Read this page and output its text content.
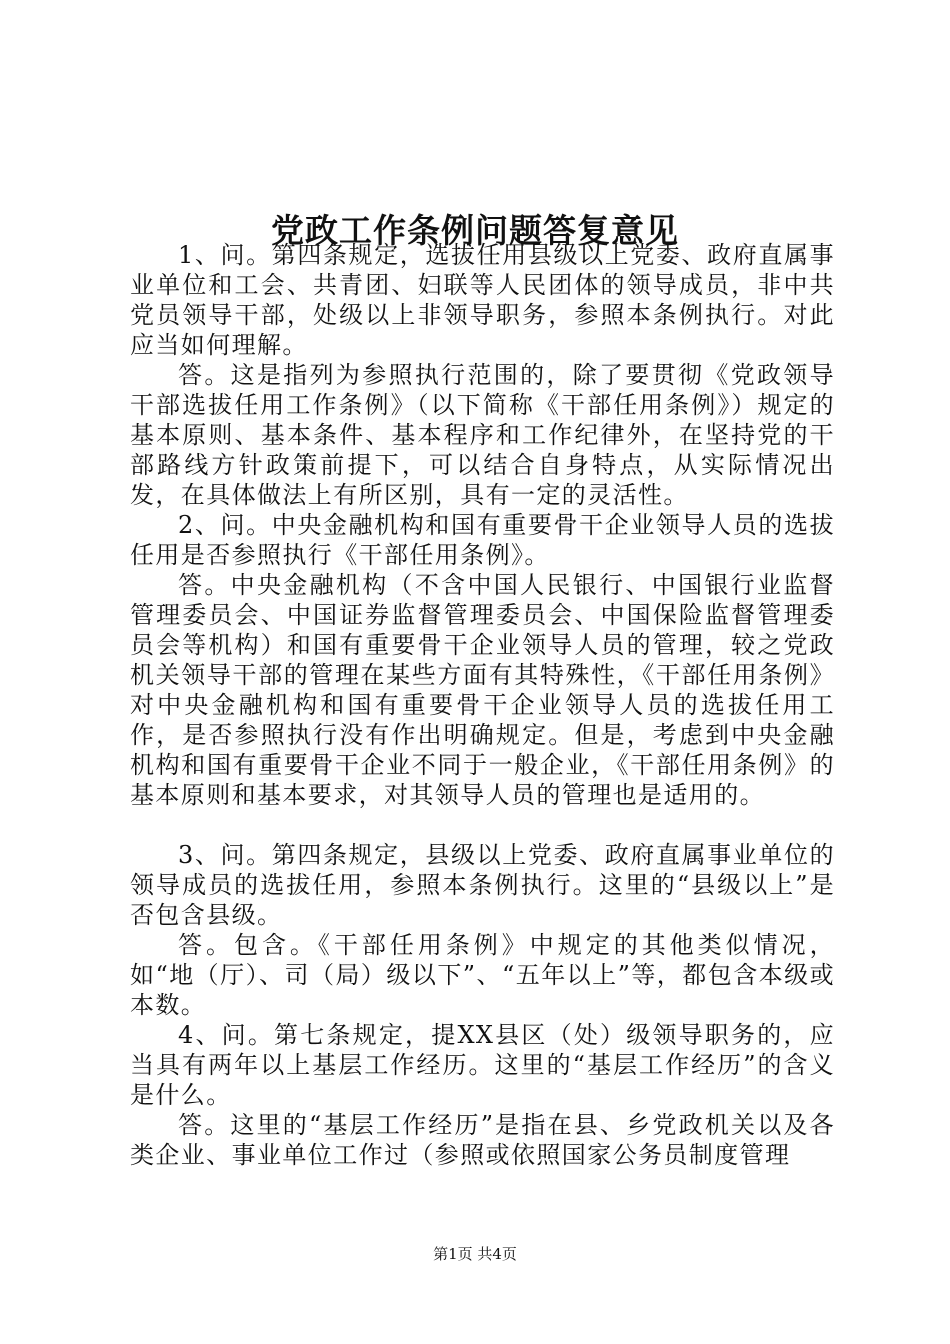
党政工作条例问题答复意见

1、问。第四条规定，选拔任用县级以上党委、政府直属事业单位和工会、共青团、妇联等人民团体的领导成员，非中共党员领导干部，处级以上非领导职务，参照本条例执行。对此应当如何理解。

答。这是指列为参照执行范围的，除了要贯彻《党政领导干部选拔任用工作条例》（以下简称《干部任用条例》）规定的基本原则、基本条件、基本程序和工作纪律外，在坚持党的干部路线方针政策前提下，可以结合自身特点，从实际情况出发，在具体做法上有所区别，具有一定的灵活性。

2、问。中央金融机构和国有重要骨干企业领导人员的选拔任用是否参照执行《干部任用条例》。

答。中央金融机构（不含中国人民银行、中国银行业监督管理委员会、中国证券监督管理委员会、中国保险监督管理委员会等机构）和国有重要骨干企业领导人员的管理，较之党政机关领导干部的管理在某些方面有其特殊性，《干部任用条例》对中央金融机构和国有重要骨干企业领导人员的选拔任用工作，是否参照执行没有作出明确规定。但是，考虑到中央金融机构和国有重要骨干企业不同于一般企业，《干部任用条例》的基本原则和基本要求，对其领导人员的管理也是适用的。

3、问。第四条规定，县级以上党委、政府直属事业单位的领导成员的选拔任用，参照本条例执行。这里的“县级以上”是否包含县级。

答。包含。《干部任用条例》中规定的其他类似情况，如“地（厅）、司（局）级以下”、“五年以上”等，都包含本级或本数。

4、问。第七条规定，提XX县区（处）级领导职务的，应当具有两年以上基层工作经历。这里的“基层工作经历”的含义是什么。

答。这里的“基层工作经历”是指在县、乡党政机关以及各类企业、事业单位工作过（参照或依照国家公务员制度管理

第1页 共4页
